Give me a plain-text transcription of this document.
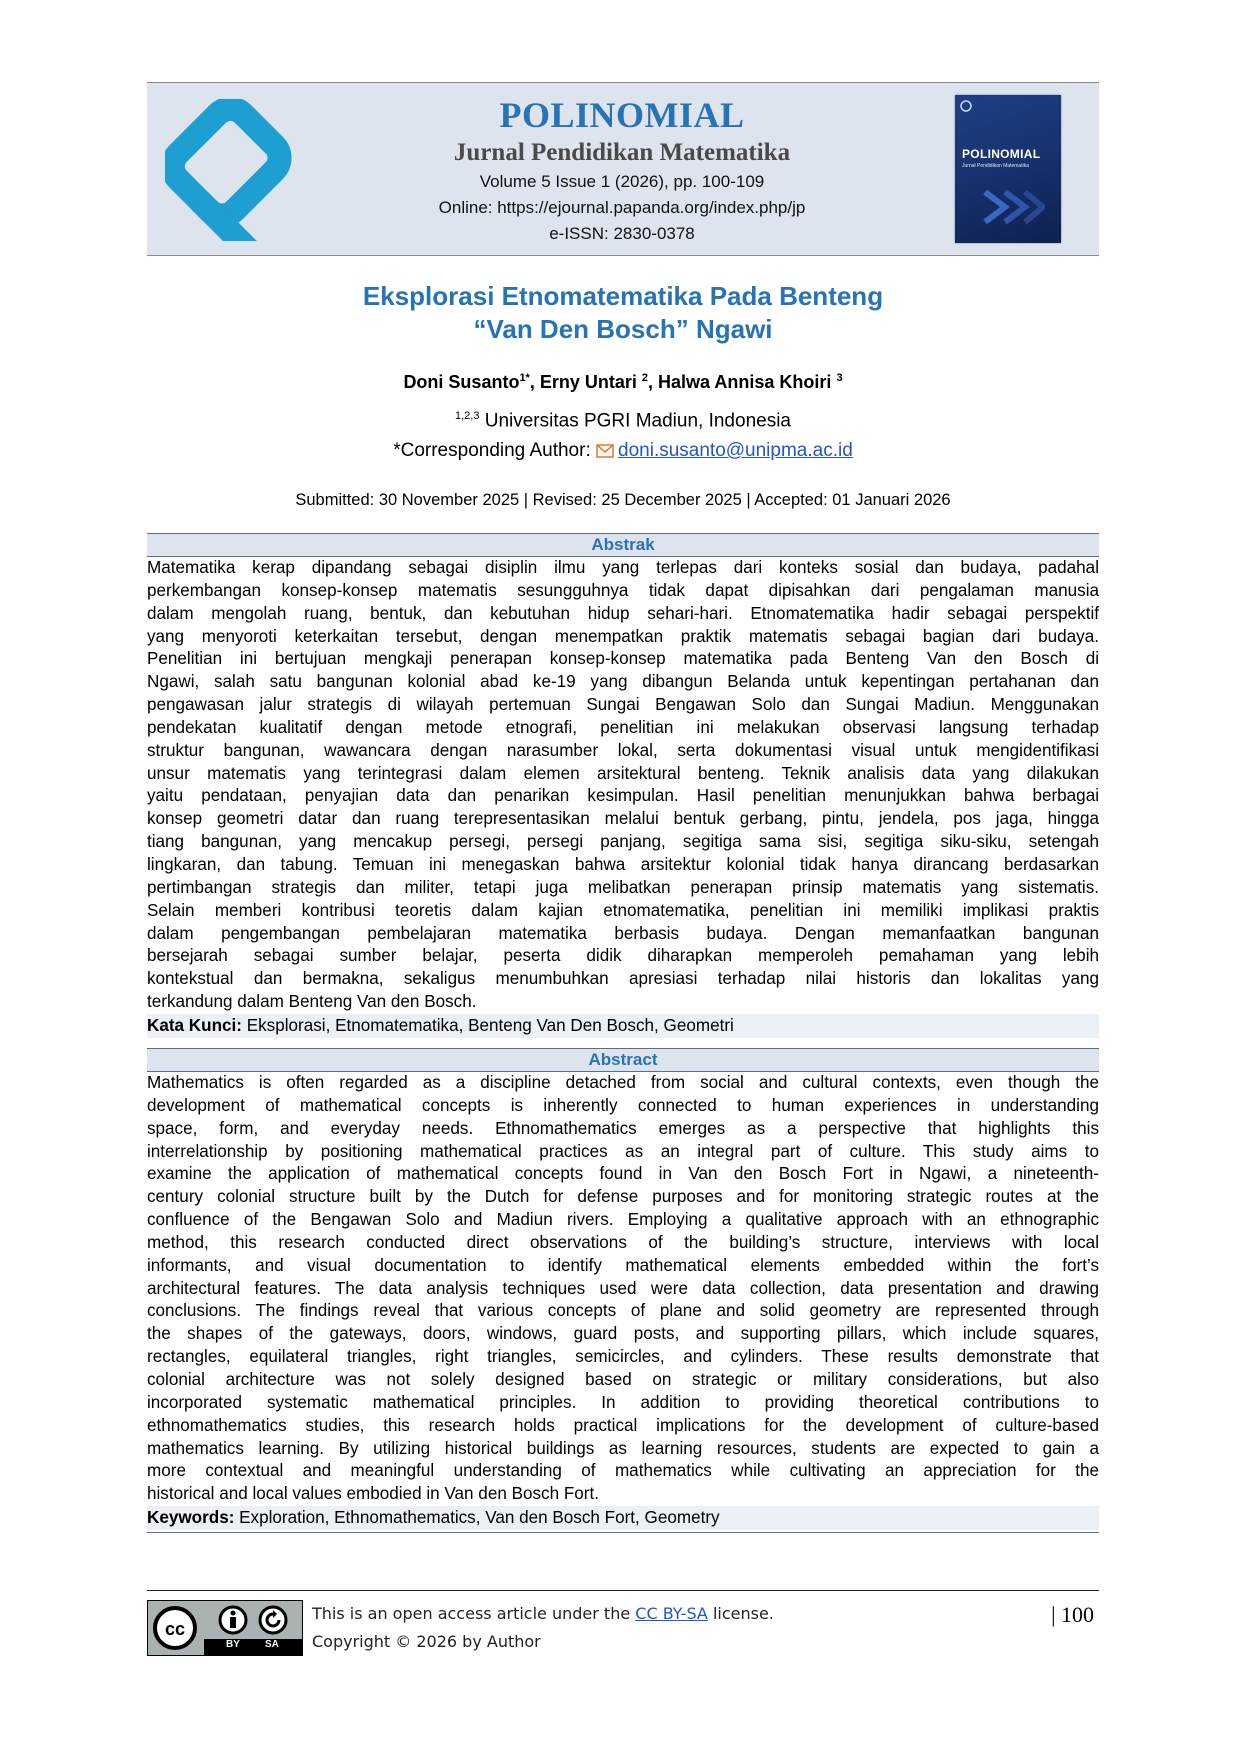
POLINOMIAL
Jurnal Pendidikan Matematika
Volume 5 Issue 1 (2026), pp. 100-109
Online: https://ejournal.papanda.org/index.php/jp
e-ISSN: 2830-0378
POLINOMIAL
Jurnal Pendidikan Matematika
Eksplorasi Etnomatematika Pada Benteng
“Van Den Bosch” Ngawi
Doni Susanto$^{1*}$, Erny Untari $^2$, Halwa Annisa Khoiri $^3$
$^{1,2,3}$ Universitas PGRI Madiun, Indonesia
*Corresponding Author: doni.susanto@unipma.ac.id
Submitted: 30 November 2025 | Revised: 25 December 2025 | Accepted: 01 Januari 2026
Abstrak
Matematika kerap dipandang sebagai disiplin ilmu yang terlepas dari konteks sosial dan budaya, padahal
perkembangan konsep-konsep matematis sesungguhnya tidak dapat dipisahkan dari pengalaman manusia
dalam mengolah ruang, bentuk, dan kebutuhan hidup sehari-hari. Etnomatematika hadir sebagai perspektif
yang menyoroti keterkaitan tersebut, dengan menempatkan praktik matematis sebagai bagian dari budaya.
Penelitian ini bertujuan mengkaji penerapan konsep-konsep matematika pada Benteng Van den Bosch di
Ngawi, salah satu bangunan kolonial abad ke-19 yang dibangun Belanda untuk kepentingan pertahanan dan
pengawasan jalur strategis di wilayah pertemuan Sungai Bengawan Solo dan Sungai Madiun. Menggunakan
pendekatan kualitatif dengan metode etnografi, penelitian ini melakukan observasi langsung terhadap
struktur bangunan, wawancara dengan narasumber lokal, serta dokumentasi visual untuk mengidentifikasi
unsur matematis yang terintegrasi dalam elemen arsitektural benteng. Teknik analisis data yang dilakukan
yaitu pendataan, penyajian data dan penarikan kesimpulan. Hasil penelitian menunjukkan bahwa berbagai
konsep geometri datar dan ruang terepresentasikan melalui bentuk gerbang, pintu, jendela, pos jaga, hingga
tiang bangunan, yang mencakup persegi, persegi panjang, segitiga sama sisi, segitiga siku-siku, setengah
lingkaran, dan tabung. Temuan ini menegaskan bahwa arsitektur kolonial tidak hanya dirancang berdasarkan
pertimbangan strategis dan militer, tetapi juga melibatkan penerapan prinsip matematis yang sistematis.
Selain memberi kontribusi teoretis dalam kajian etnomatematika, penelitian ini memiliki implikasi praktis
dalam pengembangan pembelajaran matematika berbasis budaya. Dengan memanfaatkan bangunan
bersejarah sebagai sumber belajar, peserta didik diharapkan memperoleh pemahaman yang lebih
kontekstual dan bermakna, sekaligus menumbuhkan apresiasi terhadap nilai historis dan lokalitas yang
terkandung dalam Benteng Van den Bosch.
Kata Kunci: Eksplorasi, Etnomatematika, Benteng Van Den Bosch, Geometri
Abstract
Mathematics is often regarded as a discipline detached from social and cultural contexts, even though the
development of mathematical concepts is inherently connected to human experiences in understanding
space, form, and everyday needs. Ethnomathematics emerges as a perspective that highlights this
interrelationship by positioning mathematical practices as an integral part of culture. This study aims to
examine the application of mathematical concepts found in Van den Bosch Fort in Ngawi, a nineteenth-
century colonial structure built by the Dutch for defense purposes and for monitoring strategic routes at the
confluence of the Bengawan Solo and Madiun rivers. Employing a qualitative approach with an ethnographic
method, this research conducted direct observations of the building’s structure, interviews with local
informants, and visual documentation to identify mathematical elements embedded within the fort’s
architectural features. The data analysis techniques used were data collection, data presentation and drawing
conclusions. The findings reveal that various concepts of plane and solid geometry are represented through
the shapes of the gateways, doors, windows, guard posts, and supporting pillars, which include squares,
rectangles, equilateral triangles, right triangles, semicircles, and cylinders. These results demonstrate that
colonial architecture was not solely designed based on strategic or military considerations, but also
incorporated systematic mathematical principles. In addition to providing theoretical contributions to
ethnomathematics studies, this research holds practical implications for the development of culture-based
mathematics learning. By utilizing historical buildings as learning resources, students are expected to gain a
more contextual and meaningful understanding of mathematics while cultivating an appreciation for the
historical and local values embodied in Van den Bosch Fort.
Keywords: Exploration, Ethnomathematics, Van den Bosch Fort, Geometry
cc
BY	SA
This is an open access article under the CC BY-SA license.
Copyright © 2026 by Author
| 100
